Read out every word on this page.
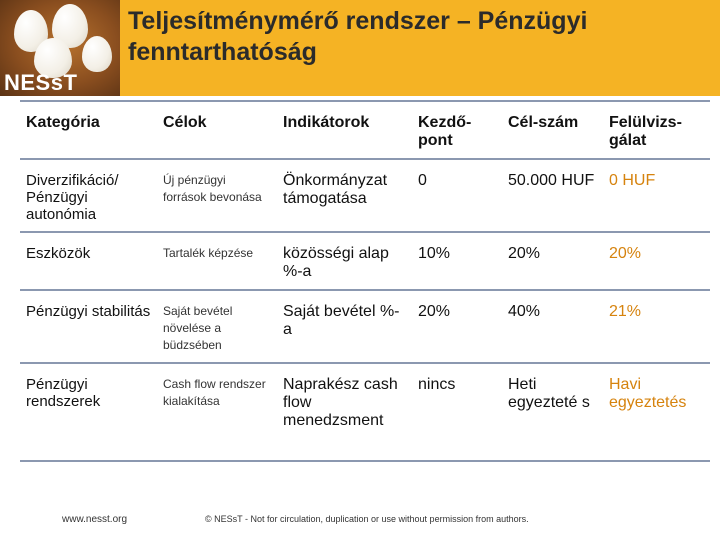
NESsT
Teljesítménymérő rendszer – Pénzügyi fenntarthatóság
Kategória	Célok	Indikátorok	Kezdő-pont	Cél-szám	Felülvizs-gálat
Diverzifikáció/ Pénzügyi autonómia	Új pénzügyi források bevonása	Önkormányzat támogatása	0	50.000 HUF	0 HUF
Eszközök	Tartalék képzése	közösségi alap %-a	10%	20%	20%
Pénzügyi stabilitás	Saját bevétel növelése a büdzsében	Saját bevétel %-a	20%	40%	21%
Pénzügyi rendszerek	Cash flow rendszer kialakítása	Naprakész cash flow menedzsment	nincs	Heti egyezteté s	Havi egyeztetés
www.nesst.org	© NESsT - Not for circulation, duplication or use without permission from authors.
